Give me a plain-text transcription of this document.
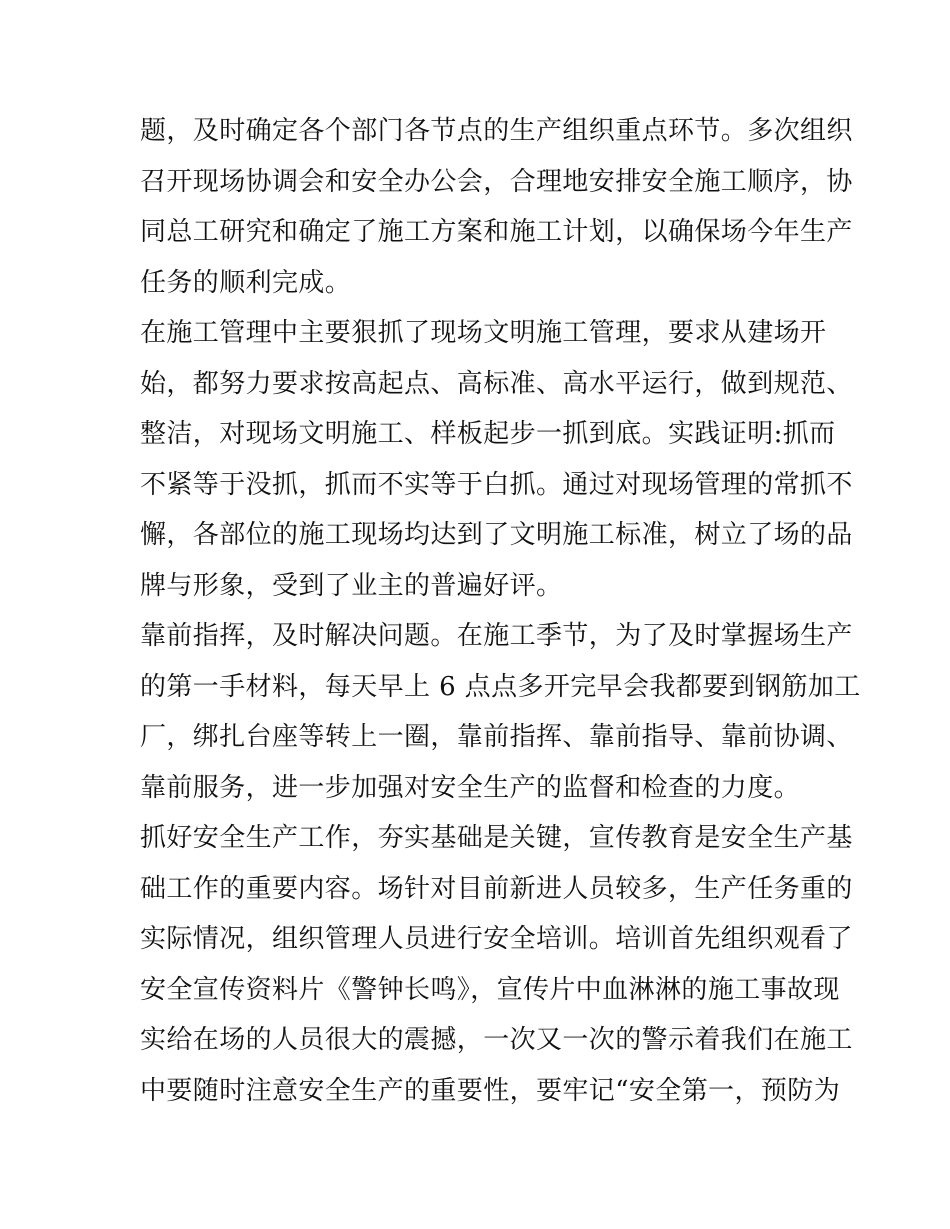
题，及时确定各个部门各节点的生产组织重点环节。多次组织
召开现场协调会和安全办公会，合理地安排安全施工顺序，协
同总工研究和确定了施工方案和施工计划，以确保场今年生产
任务的顺利完成。
在施工管理中主要狠抓了现场文明施工管理，要求从建场开
始，都努力要求按高起点、高标准、高水平运行，做到规范、
整洁，对现场文明施工、样板起步一抓到底。实践证明:抓而
不紧等于没抓，抓而不实等于白抓。通过对现场管理的常抓不
懈，各部位的施工现场均达到了文明施工标准，树立了场的品
牌与形象，受到了业主的普遍好评。
靠前指挥，及时解决问题。在施工季节，为了及时掌握场生产
的第一手材料，每天早上 6 点点多开完早会我都要到钢筋加工
厂，绑扎台座等转上一圈，靠前指挥、靠前指导、靠前协调、
靠前服务，进一步加强对安全生产的监督和检查的力度。
抓好安全生产工作，夯实基础是关键，宣传教育是安全生产基
础工作的重要内容。场针对目前新进人员较多，生产任务重的
实际情况，组织管理人员进行安全培训。培训首先组织观看了
安全宣传资料片《警钟长鸣》，宣传片中血淋淋的施工事故现
实给在场的人员很大的震撼，一次又一次的警示着我们在施工
中要随时注意安全生产的重要性，要牢记“安全第一，预防为
